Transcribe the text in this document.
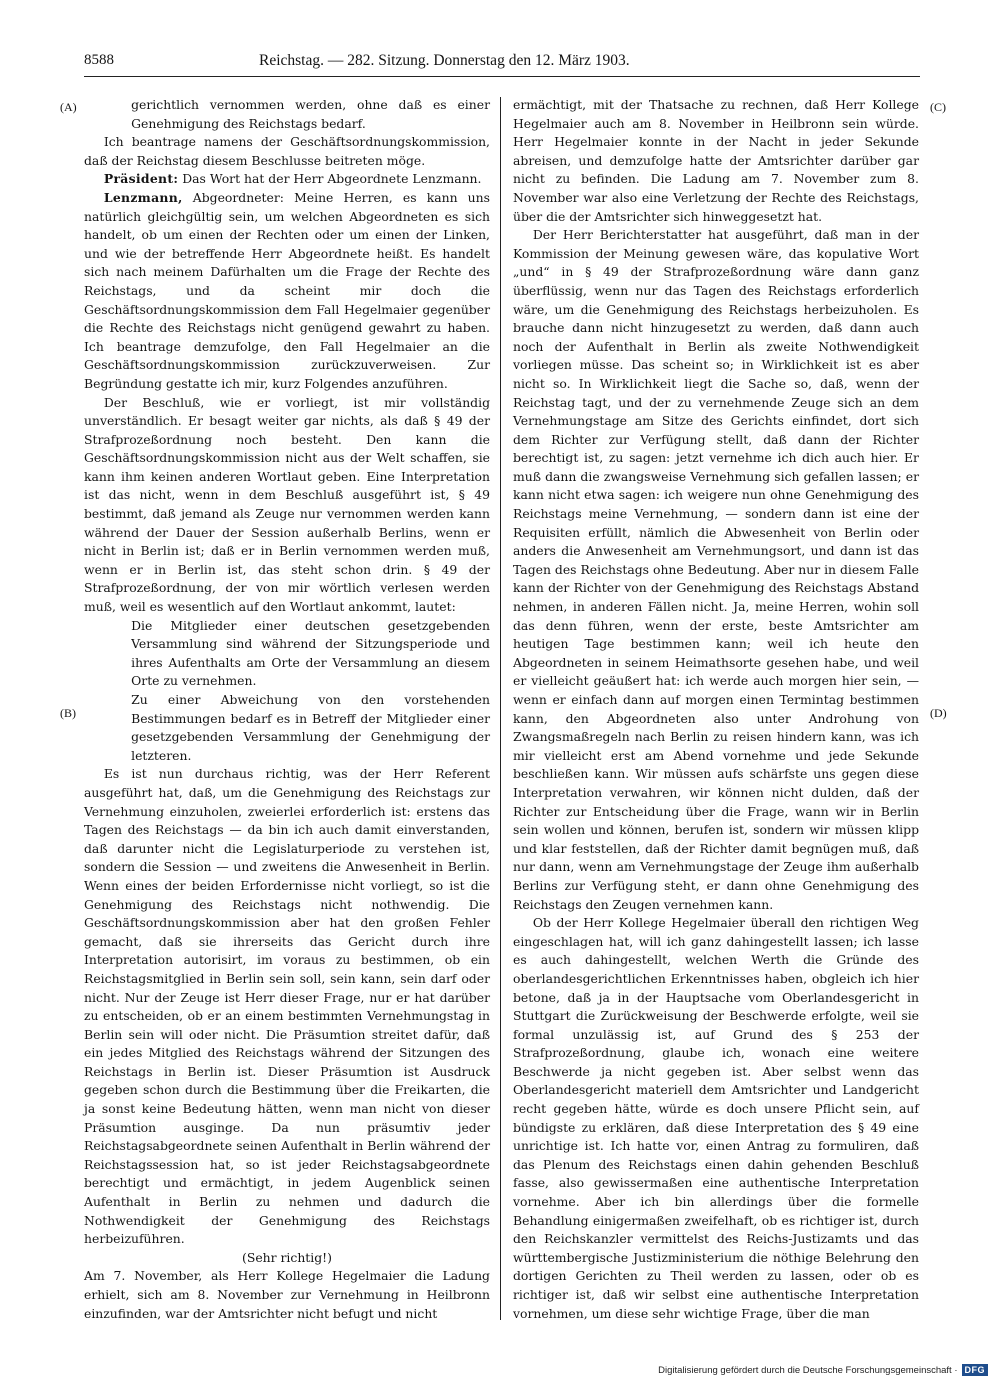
8588	Reichstag. — 282. Sitzung. Donnerstag den 12. März 1903.
(A)
(B)
(C)
(D)

gerichtlich vernommen werden, ohne daß es einer Genehmigung des Reichstags bedarf.

Ich beantrage namens der Geschäftsordnungskommission, daß der Reichstag diesem Beschlusse beitreten möge.

Präsident: Das Wort hat der Herr Abgeordnete Lenzmann.

Lenzmann, Abgeordneter: Meine Herren, es kann uns natürlich gleichgültig sein, um welchen Abgeordneten es sich handelt, ob um einen der Rechten oder um einen der Linken, und wie der betreffende Herr Abgeordnete heißt. Es handelt sich nach meinem Dafürhalten um die Frage der Rechte des Reichstags, und da scheint mir doch die Geschäftsordnungskommission dem Fall Hegelmaier gegenüber die Rechte des Reichstags nicht genügend gewahrt zu haben. Ich beantrage demzufolge, den Fall Hegelmaier an die Geschäftsordnungskommission zurückzuverweisen. Zur Begründung gestatte ich mir, kurz Folgendes anzuführen.

Der Beschluß, wie er vorliegt, ist mir vollständig unverständlich. Er besagt weiter gar nichts, als daß § 49 der Strafprozeßordnung noch besteht. Den kann die Geschäftsordnungskommission nicht aus der Welt schaffen, sie kann ihm keinen anderen Wortlaut geben. Eine Interpretation ist das nicht, wenn in dem Beschluß ausgeführt ist, § 49 bestimmt, daß jemand als Zeuge nur vernommen werden kann während der Dauer der Session außerhalb Berlins, wenn er nicht in Berlin ist; daß er in Berlin vernommen werden muß, wenn er in Berlin ist, das steht schon drin. § 49 der Strafprozeßordnung, der von mir wörtlich verlesen werden muß, weil es wesentlich auf den Wortlaut ankommt, lautet:

Die Mitglieder einer deutschen gesetzgebenden Versammlung sind während der Sitzungsperiode und ihres Aufenthalts am Orte der Versammlung an diesem Orte zu vernehmen.

Zu einer Abweichung von den vorstehenden Bestimmungen bedarf es in Betreff der Mitglieder einer gesetzgebenden Versammlung der Genehmigung der letzteren.

Es ist nun durchaus richtig, was der Herr Referent ausgeführt hat, daß, um die Genehmigung des Reichstags zur Vernehmung einzuholen, zweierlei erforderlich ist: erstens das Tagen des Reichstags — da bin ich auch damit einverstanden, daß darunter nicht die Legislaturperiode zu verstehen ist, sondern die Session — und zweitens die Anwesenheit in Berlin. Wenn eines der beiden Erfordernisse nicht vorliegt, so ist die Genehmigung des Reichstags nicht nothwendig. Die Geschäftsordnungskommission aber hat den großen Fehler gemacht, daß sie ihrerseits das Gericht durch ihre Interpretation autorisirt, im voraus zu bestimmen, ob ein Reichstagsmitglied in Berlin sein soll, sein kann, sein darf oder nicht. Nur der Zeuge ist Herr dieser Frage, nur er hat darüber zu entscheiden, ob er an einem bestimmten Vernehmungstag in Berlin sein will oder nicht. Die Präsumtion streitet dafür, daß ein jedes Mitglied des Reichstags während der Sitzungen des Reichstags in Berlin ist. Dieser Präsumtion ist Ausdruck gegeben schon durch die Bestimmung über die Freikarten, die ja sonst keine Bedeutung hätten, wenn man nicht von dieser Präsumtion ausginge. Da nun präsumtiv jeder Reichstagsabgeordnete seinen Aufenthalt in Berlin während der Reichstagssession hat, so ist jeder Reichstagsabgeordnete berechtigt und ermächtigt, in jedem Augenblick seinen Aufenthalt in Berlin zu nehmen und dadurch die Nothwendigkeit der Genehmigung des Reichstags herbeizuführen.

(Sehr richtig!)

Am 7. November, als Herr Kollege Hegelmaier die Ladung erhielt, sich am 8. November zur Vernehmung in Heilbronn einzufinden, war der Amtsrichter nicht befugt und nicht

ermächtigt, mit der Thatsache zu rechnen, daß Herr Kollege Hegelmaier auch am 8. November in Heilbronn sein würde. Herr Hegelmaier konnte in der Nacht in jeder Sekunde abreisen, und demzufolge hatte der Amtsrichter darüber gar nicht zu befinden. Die Ladung am 7. November zum 8. November war also eine Verletzung der Rechte des Reichstags, über die der Amtsrichter sich hinweggesetzt hat.

Der Herr Berichterstatter hat ausgeführt, daß man in der Kommission der Meinung gewesen wäre, das kopulative Wort „und“ in § 49 der Strafprozeßordnung wäre dann ganz überflüssig, wenn nur das Tagen des Reichstags erforderlich wäre, um die Genehmigung des Reichstags herbeizuholen. Es brauche dann nicht hinzugesetzt zu werden, daß dann auch noch der Aufenthalt in Berlin als zweite Nothwendigkeit vorliegen müsse. Das scheint so; in Wirklichkeit ist es aber nicht so. In Wirklichkeit liegt die Sache so, daß, wenn der Reichstag tagt, und der zu vernehmende Zeuge sich an dem Vernehmungstage am Sitze des Gerichts einfindet, dort sich dem Richter zur Verfügung stellt, daß dann der Richter berechtigt ist, zu sagen: jetzt vernehme ich dich auch hier. Er muß dann die zwangsweise Vernehmung sich gefallen lassen; er kann nicht etwa sagen: ich weigere nun ohne Genehmigung des Reichstags meine Vernehmung, — sondern dann ist eine der Requisiten erfüllt, nämlich die Abwesenheit von Berlin oder anders die Anwesenheit am Vernehmungsort, und dann ist das Tagen des Reichstags ohne Bedeutung. Aber nur in diesem Falle kann der Richter von der Genehmigung des Reichstags Abstand nehmen, in anderen Fällen nicht. Ja, meine Herren, wohin soll das denn führen, wenn der erste, beste Amtsrichter am heutigen Tage bestimmen kann; weil ich heute den Abgeordneten in seinem Heimathsorte gesehen habe, und weil er vielleicht geäußert hat: ich werde auch morgen hier sein, — wenn er einfach dann auf morgen einen Termintag bestimmen kann, den Abgeordneten also unter Androhung von Zwangsmaßregeln nach Berlin zu reisen hindern kann, was ich mir vielleicht erst am Abend vornehme und jede Sekunde beschließen kann. Wir müssen aufs schärfste uns gegen diese Interpretation verwahren, wir können nicht dulden, daß der Richter zur Entscheidung über die Frage, wann wir in Berlin sein wollen und können, berufen ist, sondern wir müssen klipp und klar feststellen, daß der Richter damit begnügen muß, daß nur dann, wenn am Vernehmungstage der Zeuge ihm außerhalb Berlins zur Verfügung steht, er dann ohne Genehmigung des Reichstags den Zeugen vernehmen kann.

Ob der Herr Kollege Hegelmaier überall den richtigen Weg eingeschlagen hat, will ich ganz dahingestellt lassen; ich lasse es auch dahingestellt, welchen Werth die Gründe des oberlandesgerichtlichen Erkenntnisses haben, obgleich ich hier betone, daß ja in der Hauptsache vom Oberlandesgericht in Stuttgart die Zurückweisung der Beschwerde erfolgte, weil sie formal unzulässig ist, auf Grund des § 253 der Strafprozeßordnung, glaube ich, wonach eine weitere Beschwerde ja nicht gegeben ist. Aber selbst wenn das Oberlandesgericht materiell dem Amtsrichter und Landgericht recht gegeben hätte, würde es doch unsere Pflicht sein, auf bündigste zu erklären, daß diese Interpretation des § 49 eine unrichtige ist. Ich hatte vor, einen Antrag zu formuliren, daß das Plenum des Reichstags einen dahin gehenden Beschluß fasse, also gewissermaßen eine authentische Interpretation vornehme. Aber ich bin allerdings über die formelle Behandlung einigermaßen zweifelhaft, ob es richtiger ist, durch den Reichskanzler vermittelst des Reichs-Justizamts und das württembergische Justizministerium die nöthige Belehrung den dortigen Gerichten zu Theil werden zu lassen, oder ob es richtiger ist, daß wir selbst eine authentische Interpretation vornehmen, um diese sehr wichtige Frage, über die man

Digitalisierung gefördert durch die Deutsche Forschungsgemeinschaft · DFG
